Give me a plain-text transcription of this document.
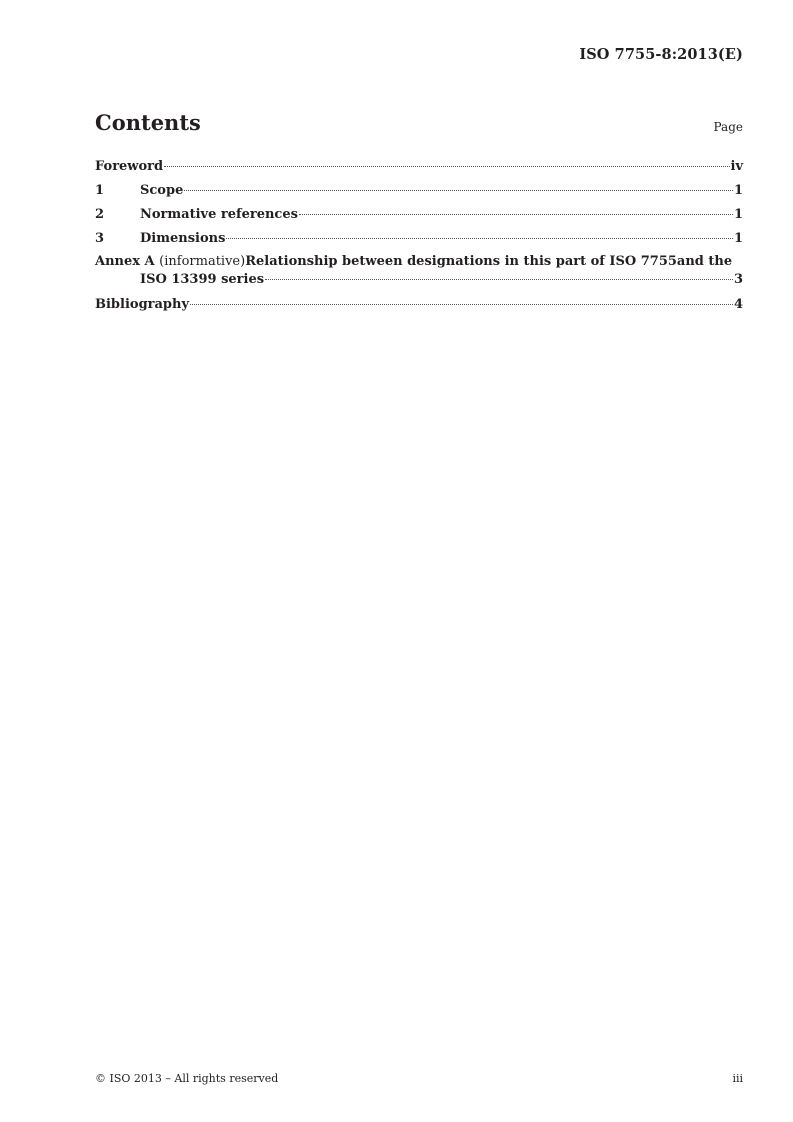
ISO 7755-8:2013(E)
Contents	Page
Foreword	iv
1	Scope	1
2	Normative references	1
3	Dimensions	1
Annex A (informative)Relationship between designations in this part of ISO 7755and the
ISO 13399 series	3
Bibliography	4
© ISO 2013 – All rights reserved	iii
